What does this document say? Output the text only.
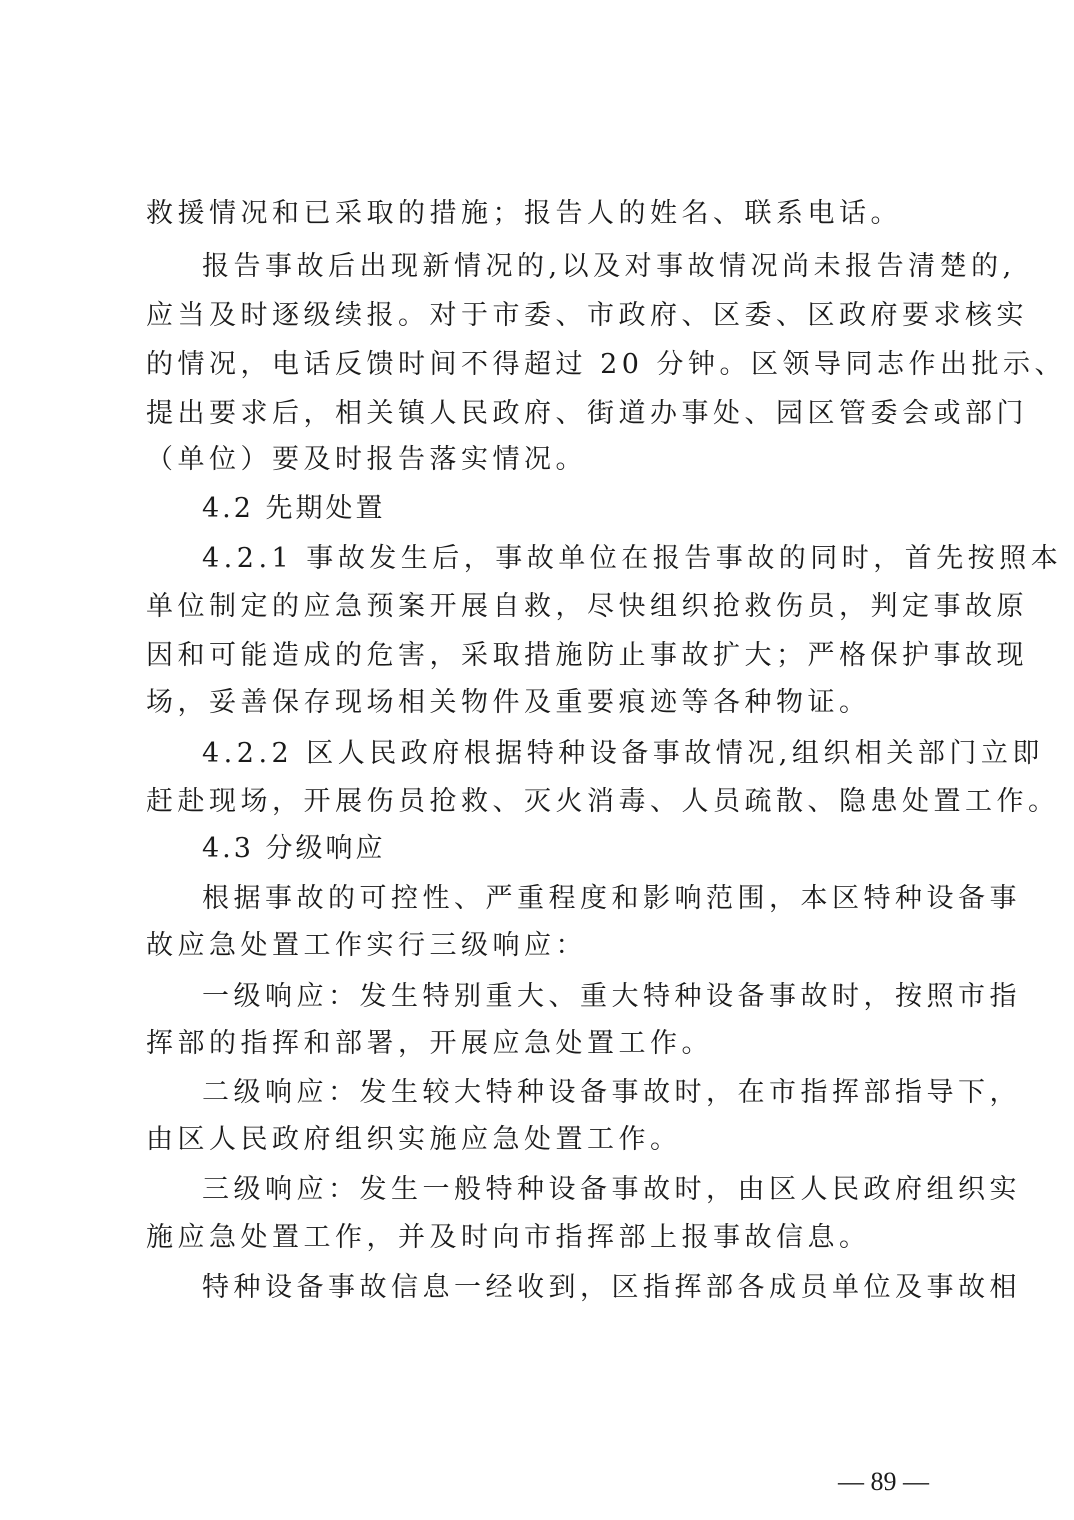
救援情况和已采取的措施；报告人的姓名、联系电话。
报告事故后出现新情况的,以及对事故情况尚未报告清楚的,
应当及时逐级续报。对于市委、市政府、区委、区政府要求核实
的情况，电话反馈时间不得超过 20 分钟。区领导同志作出批示、
提出要求后，相关镇人民政府、街道办事处、园区管委会或部门
（单位）要及时报告落实情况。
4.2 先期处置
4.2.1 事故发生后，事故单位在报告事故的同时，首先按照本
单位制定的应急预案开展自救，尽快组织抢救伤员，判定事故原
因和可能造成的危害，采取措施防止事故扩大；严格保护事故现
场，妥善保存现场相关物件及重要痕迹等各种物证。
4.2.2 区人民政府根据特种设备事故情况,组织相关部门立即
赶赴现场，开展伤员抢救、灭火消毒、人员疏散、隐患处置工作。
4.3 分级响应
根据事故的可控性、严重程度和影响范围，本区特种设备事
故应急处置工作实行三级响应：
一级响应：发生特别重大、重大特种设备事故时，按照市指
挥部的指挥和部署，开展应急处置工作。
二级响应：发生较大特种设备事故时，在市指挥部指导下，
由区人民政府组织实施应急处置工作。
三级响应：发生一般特种设备事故时，由区人民政府组织实
施应急处置工作，并及时向市指挥部上报事故信息。
特种设备事故信息一经收到，区指挥部各成员单位及事故相
— 89 —
